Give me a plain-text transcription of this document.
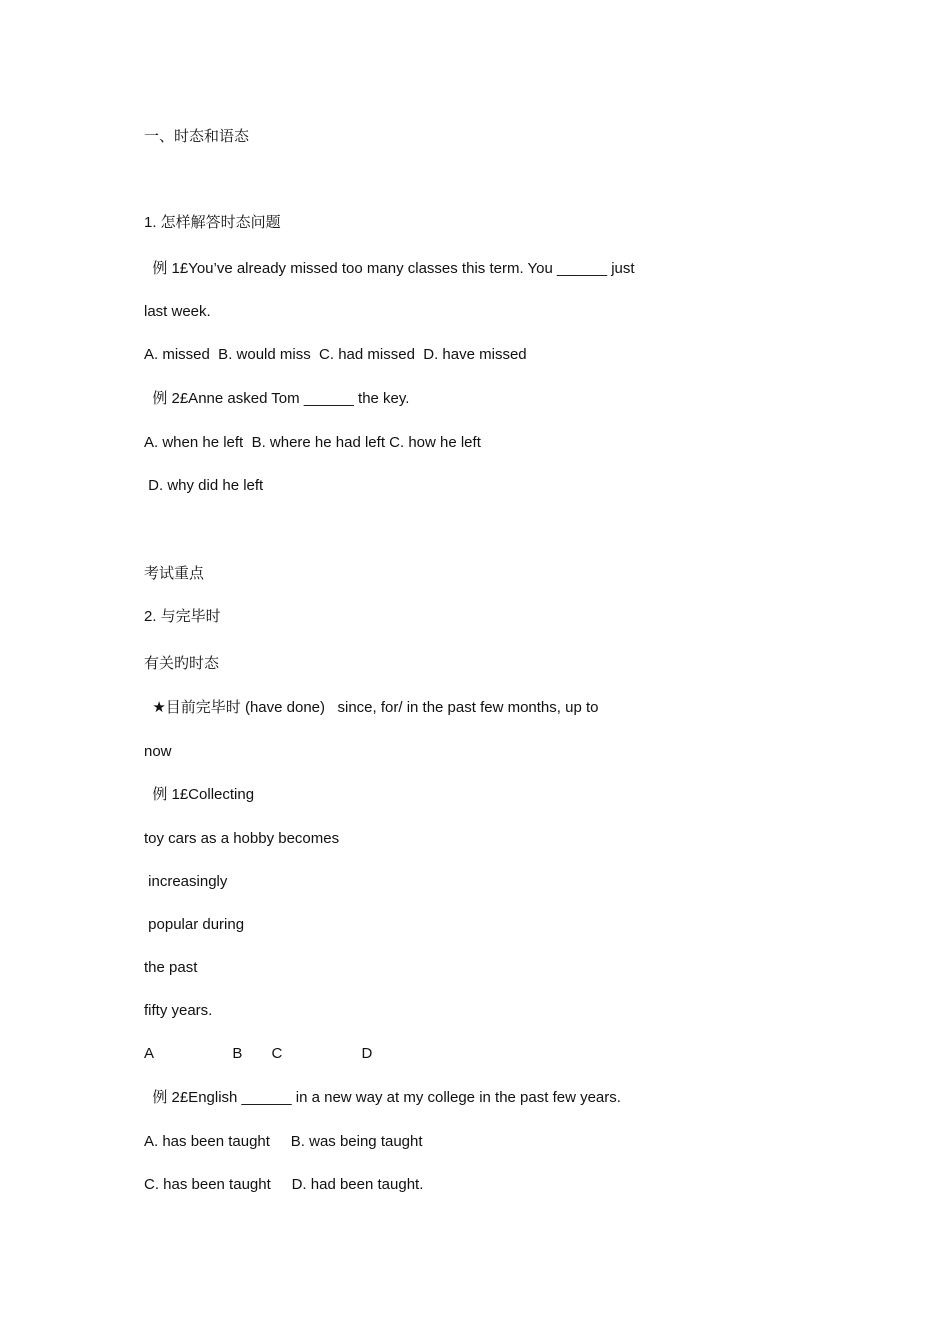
一、时态和语态
1. 怎样解答时态问题
例 1£You’ve already missed too many classes this term. You ______ just
last week.
A. missed  B. would miss  C. had missed  D. have missed
例 2£Anne asked Tom ______ the key.
A. when he left  B. where he had left C. how he left
D. why did he left
考试重点
2. 与完毕时
有关旳时态
★目前完毕时 (have done)   since, for/ in the past few months, up to
now
例 1£Collecting
toy cars as a hobby becomes
increasingly
popular during
the past
fifty years.
A                   B       C                   D
例 2£English ______ in a new way at my college in the past few years.
A. has been taught     B. was being taught
C. has been taught     D. had been taught.
